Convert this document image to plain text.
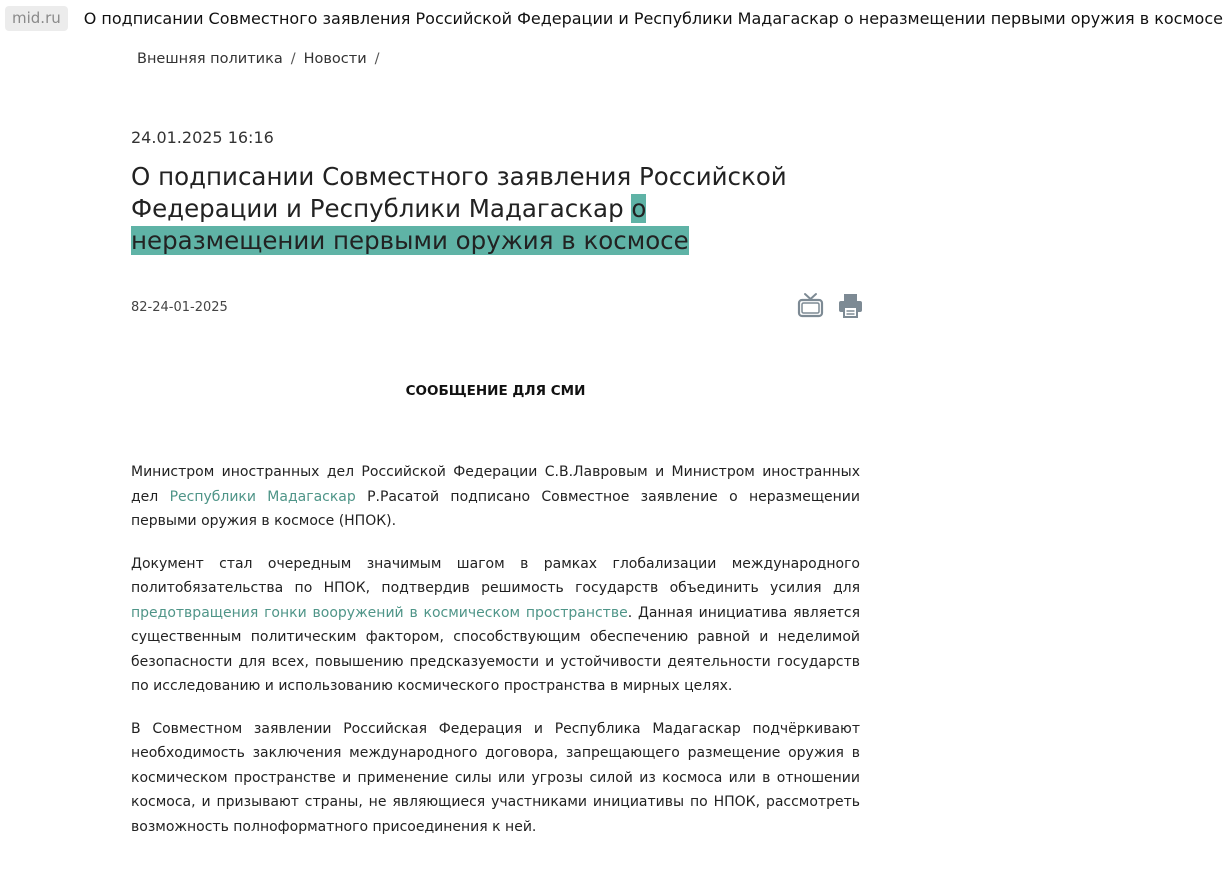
mid.ru	О подписании Совместного заявления Российской Федерации и Республики Мадагаскар о неразмещении первыми оружия в космосе
Внешняя политика / Новости /
24.01.2025 16:16
О подписании Совместного заявления Российской Федерации и Республики Мадагаскар о неразмещении первыми оружия в космосе
82-24-01-2025
СООБЩЕНИЕ ДЛЯ СМИ

Министром иностранных дел Российской Федерации С.В.Лавровым и Министром иностранных дел Республики Мадагаскар Р.Расатой подписано Совместное заявление о неразмещении первыми оружия в космосе (НПОК).

Документ стал очередным значимым шагом в рамках глобализации международного политобязательства по НПОК, подтвердив решимость государств объединить усилия для предотвращения гонки вооружений в космическом пространстве. Данная инициатива является существенным политическим фактором, способствующим обеспечению равной и неделимой безопасности для всех, повышению предсказуемости и устойчивости деятельности государств по исследованию и использованию космического пространства в мирных целях.

В Совместном заявлении Российская Федерация и Республика Мадагаскар подчёркивают необходимость заключения международного договора, запрещающего размещение оружия в космическом пространстве и применение силы или угрозы силой из космоса или в отношении космоса, и призывают страны, не являющиеся участниками инициативы по НПОК, рассмотреть возможность полноформатного присоединения к ней.
